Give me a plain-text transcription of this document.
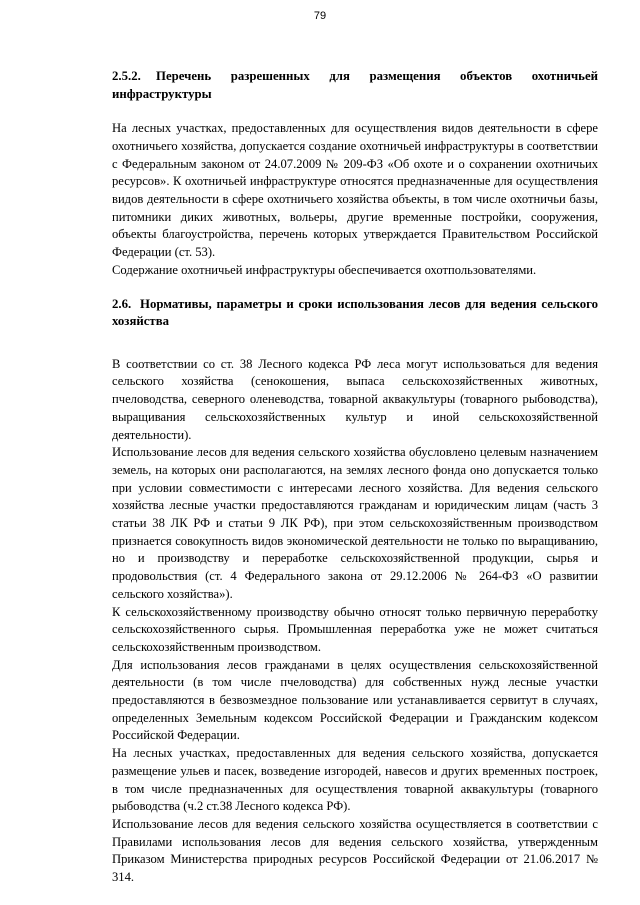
79
2.5.2. Перечень разрешенных для размещения объектов охотничьей инфраструктуры

На лесных участках, предоставленных для осуществления видов деятельности в сфере охотничьего хозяйства, допускается создание охотничьей инфраструктуры в соответствии с Федеральным законом от 24.07.2009 № 209-ФЗ «Об охоте и о сохранении охотничьих ресурсов». К охотничьей инфраструктуре относятся предназначенные для осуществления видов деятельности в сфере охотничьего хозяйства объекты, в том числе охотничьи базы, питомники диких животных, вольеры, другие временные постройки, сооружения, объекты благоустройства, перечень которых утверждается Правительством Российской Федерации (ст. 53).

Содержание охотничьей инфраструктуры обеспечивается охотпользователями.

2.6. Нормативы, параметры и сроки использования лесов для ведения сельского хозяйства

В соответствии со ст. 38 Лесного кодекса РФ леса могут использоваться для ведения сельского хозяйства (сенокошения, выпаса сельскохозяйственных животных, пчеловодства, северного оленеводства, товарной аквакультуры (товарного рыбоводства), выращивания сельскохозяйственных культур и иной сельскохозяйственной деятельности).

Использование лесов для ведения сельского хозяйства обусловлено целевым назначением земель, на которых они располагаются, на землях лесного фонда оно допускается только при условии совместимости с интересами лесного хозяйства. Для ведения сельского хозяйства лесные участки предоставляются гражданам и юридическим лицам (часть 3 статьи 38 ЛК РФ и статьи 9 ЛК РФ), при этом сельскохозяйственным производством признается совокупность видов экономической деятельности не только по выращиванию, но и производству и переработке сельскохозяйственной продукции, сырья и продовольствия (ст. 4 Федерального закона от 29.12.2006 № 264-ФЗ «О развитии сельского хозяйства»).

К сельскохозяйственному производству обычно относят только первичную переработку сельскохозяйственного сырья. Промышленная переработка уже не может считаться сельскохозяйственным производством.

Для использования лесов гражданами в целях осуществления сельскохозяйственной деятельности (в том числе пчеловодства) для собственных нужд лесные участки предоставляются в безвозмездное пользование или устанавливается сервитут в случаях, определенных Земельным кодексом Российской Федерации и Гражданским кодексом Российской Федерации.

На лесных участках, предоставленных для ведения сельского хозяйства, допускается размещение ульев и пасек, возведение изгородей, навесов и других временных построек, в том числе предназначенных для осуществления товарной аквакультуры (товарного рыбоводства (ч.2 ст.38 Лесного кодекса РФ).

Использование лесов для ведения сельского хозяйства осуществляется в соответствии с Правилами использования лесов для ведения сельского хозяйства, утвержденным Приказом Министерства природных ресурсов Российской Федерации от 21.06.2017 № 314.
